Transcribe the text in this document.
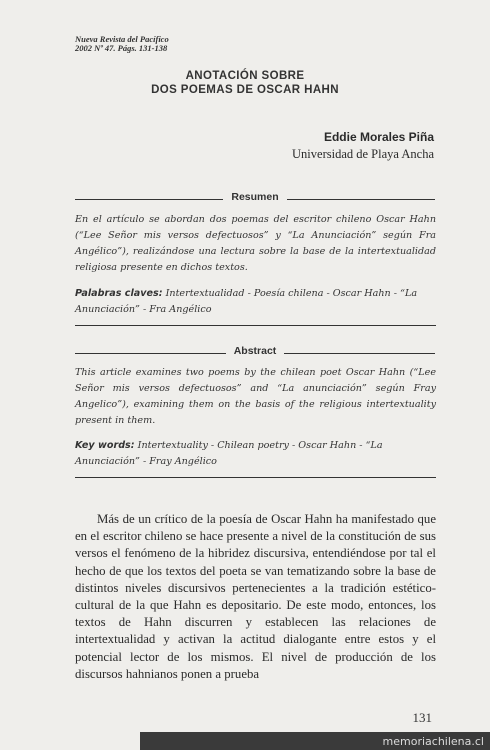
Nueva Revista del Pacífico
2002 Nº 47. Págs. 131-138
ANOTACIÓN SOBRE
DOS POEMAS DE OSCAR HAHN
Eddie Morales Piña
Universidad de Playa Ancha
Resumen
En el artículo se abordan dos poemas del escritor chileno Oscar Hahn (“Lee Señor mis versos defectuosos” y “La Anunciación” según Fra Angélico”), realizándose una lectura sobre la base de la intertextualidad religiosa presente en dichos textos.
Palabras claves: Intertextualidad - Poesía chilena - Oscar Hahn - “La Anunciación” - Fra Angélico
Abstract
This article examines two poems by the chilean poet Oscar Hahn (“Lee Señor mis versos defectuosos” and “La anunciación” según Fray Angelico”), examining them on the basis of the religious intertextuality present in them.
Key words: Intertextuality - Chilean poetry - Oscar Hahn - “La Anunciación” - Fray Angélico

Más de un crítico de la poesía de Oscar Hahn ha manifestado que en el escritor chileno se hace presente a nivel de la constitución de sus versos el fenómeno de la hibridez discursiva, entendiéndose por tal el hecho de que los textos del poeta se van tematizando sobre la base de distintos niveles discursivos pertenecientes a la tradición estético-cultural de la que Hahn es depositario. De este modo, entonces, los textos de Hahn discurren y establecen las relaciones de intertextualidad y activan la actitud dialogante entre estos y el potencial lector de los mismos. El nivel de producción de los discursos hahnianos ponen a prueba

131
memoriachilena.cl
